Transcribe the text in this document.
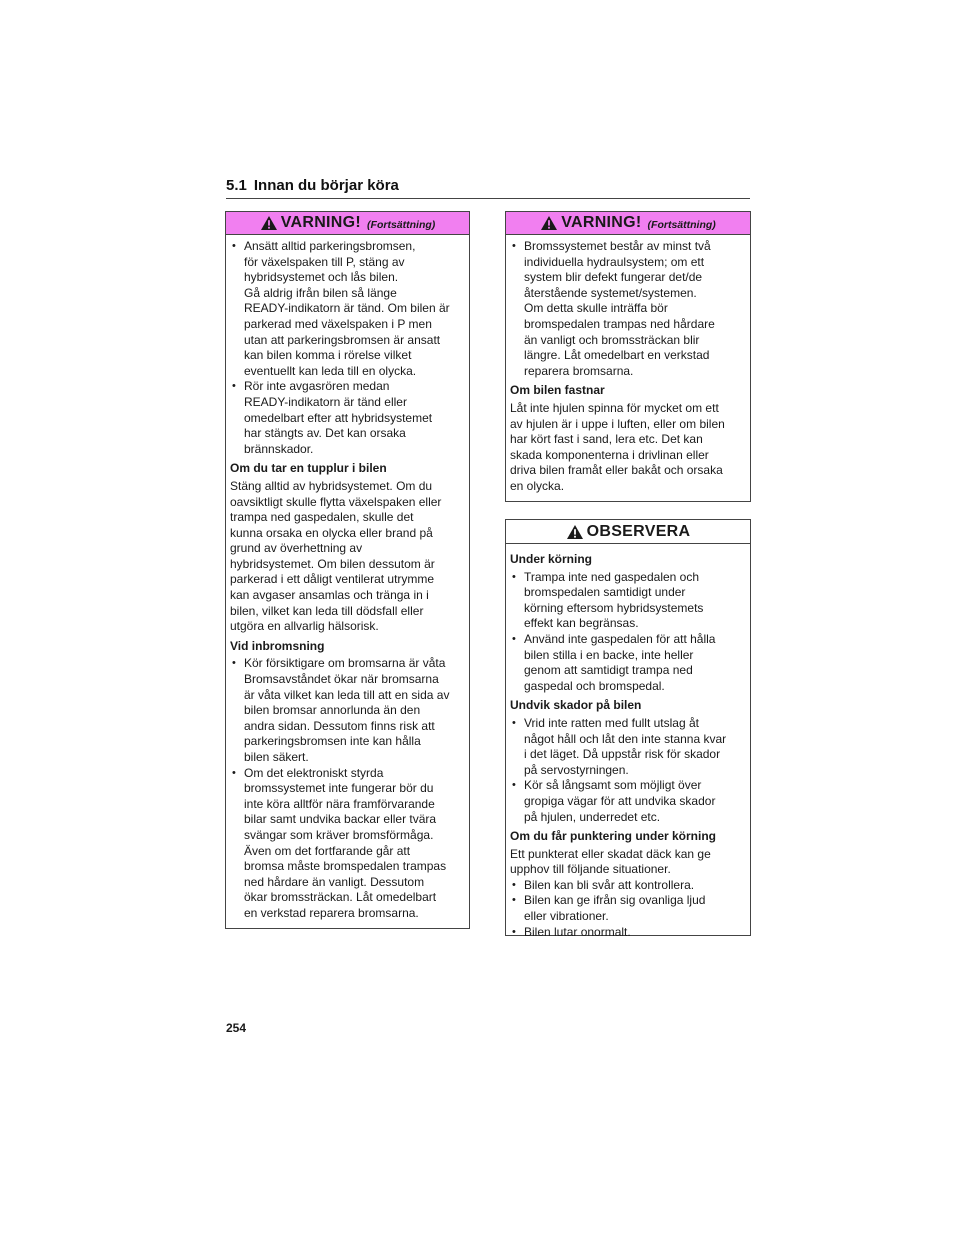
5.1 Innan du börjar köra
VARNING! (Fortsättning)
• Ansätt alltid parkeringsbromsen,
för växelspaken till P, stäng av
hybridsystemet och lås bilen.
Gå aldrig ifrån bilen så länge
READY-indikatorn är tänd. Om bilen är
parkerad med växelspaken i P men
utan att parkeringsbromsen är ansatt
kan bilen komma i rörelse vilket
eventuellt kan leda till en olycka.
• Rör inte avgasrören medan
READY-indikatorn är tänd eller
omedelbart efter att hybridsystemet
har stängts av. Det kan orsaka
brännskador.
Om du tar en tupplur i bilen
Stäng alltid av hybridsystemet. Om du
oavsiktligt skulle flytta växelspaken eller
trampa ned gaspedalen, skulle det
kunna orsaka en olycka eller brand på
grund av överhettning av
hybridsystemet. Om bilen dessutom är
parkerad i ett dåligt ventilerat utrymme
kan avgaser ansamlas och tränga in i
bilen, vilket kan leda till dödsfall eller
utgöra en allvarlig hälsorisk.
Vid inbromsning
• Kör försiktigare om bromsarna är våta
Bromsavståndet ökar när bromsarna
är våta vilket kan leda till att en sida av
bilen bromsar annorlunda än den
andra sidan. Dessutom finns risk att
parkeringsbromsen inte kan hålla
bilen säkert.
• Om det elektroniskt styrda
bromssystemet inte fungerar bör du
inte köra alltför nära framförvarande
bilar samt undvika backar eller tvära
svängar som kräver bromsförmåga.
Även om det fortfarande går att
bromsa måste bromspedalen trampas
ned hårdare än vanligt. Dessutom
ökar bromssträckan. Låt omedelbart
en verkstad reparera bromsarna.
VARNING! (Fortsättning)
• Bromssystemet består av minst två
individuella hydraulsystem; om ett
system blir defekt fungerar det/de
återstående systemet/systemen.
Om detta skulle inträffa bör
bromspedalen trampas ned hårdare
än vanligt och bromssträckan blir
längre. Låt omedelbart en verkstad
reparera bromsarna.
Om bilen fastnar
Låt inte hjulen spinna för mycket om ett
av hjulen är i uppe i luften, eller om bilen
har kört fast i sand, lera etc. Det kan
skada komponenterna i drivlinan eller
driva bilen framåt eller bakåt och orsaka
en olycka.
OBSERVERA
Under körning
• Trampa inte ned gaspedalen och
bromspedalen samtidigt under
körning eftersom hybridsystemets
effekt kan begränsas.
• Använd inte gaspedalen för att hålla
bilen stilla i en backe, inte heller
genom att samtidigt trampa ned
gaspedal och bromspedal.
Undvik skador på bilen
• Vrid inte ratten med fullt utslag åt
något håll och låt den inte stanna kvar
i det läget. Då uppstår risk för skador
på servostyrningen.
• Kör så långsamt som möjligt över
gropiga vägar för att undvika skador
på hjulen, underredet etc.
Om du får punktering under körning
Ett punkterat eller skadat däck kan ge
upphov till följande situationer.
• Bilen kan bli svår att kontrollera.
• Bilen kan ge ifrån sig ovanliga ljud
eller vibrationer.
• Bilen lutar onormalt.
254
